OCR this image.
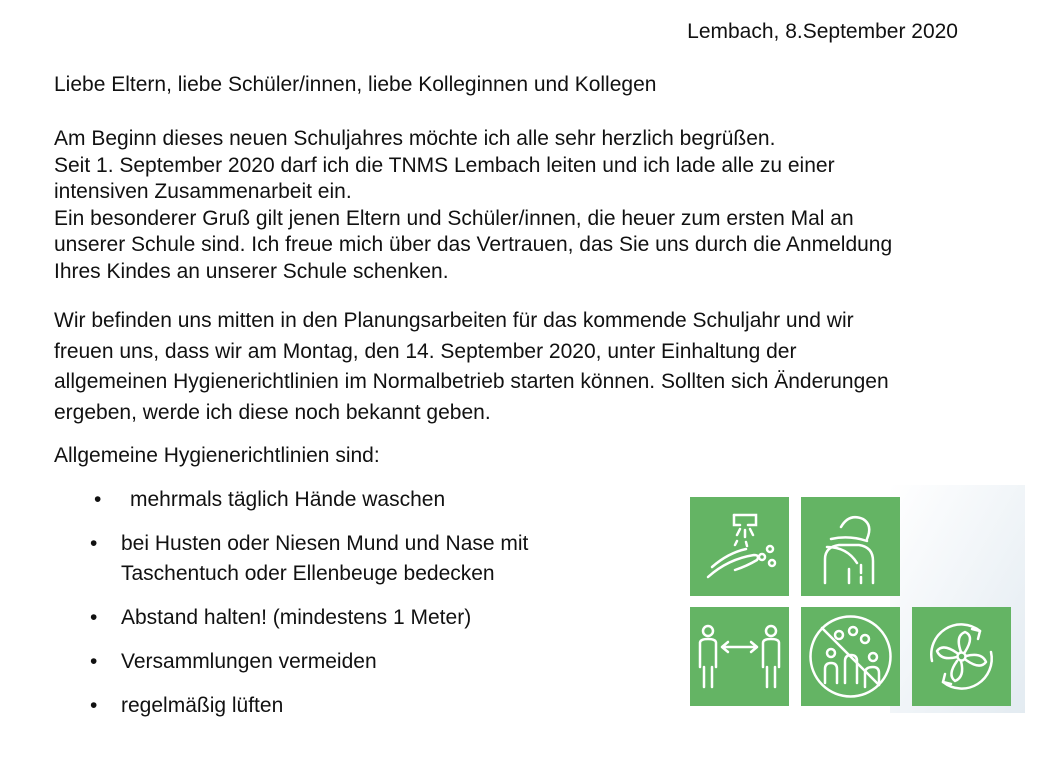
Lembach, 8.September 2020
Liebe Eltern, liebe Schüler/innen, liebe Kolleginnen und Kollegen
Am Beginn dieses neuen Schuljahres möchte ich alle sehr herzlich begrüßen.
Seit 1. September 2020 darf ich die TNMS Lembach leiten und ich lade alle zu einer
intensiven Zusammenarbeit ein.
Ein besonderer Gruß gilt jenen Eltern und Schüler/innen, die heuer zum ersten Mal an
unserer Schule sind. Ich freue mich über das Vertrauen, das Sie uns durch die Anmeldung
Ihres Kindes an unserer Schule schenken.
Wir befinden uns mitten in den Planungsarbeiten für das kommende Schuljahr und wir
freuen uns, dass wir am Montag, den 14. September 2020, unter Einhaltung der
allgemeinen Hygienerichtlinien im Normalbetrieb starten können. Sollten sich Änderungen
ergeben, werde ich diese noch bekannt geben.
Allgemeine Hygienerichtlinien sind:
• mehrmals täglich Hände waschen
• bei Husten oder Niesen Mund und Nase mit
Taschentuch oder Ellenbeuge bedecken
• Abstand halten! (mindestens 1 Meter)
• Versammlungen vermeiden
• regelmäßig lüften
